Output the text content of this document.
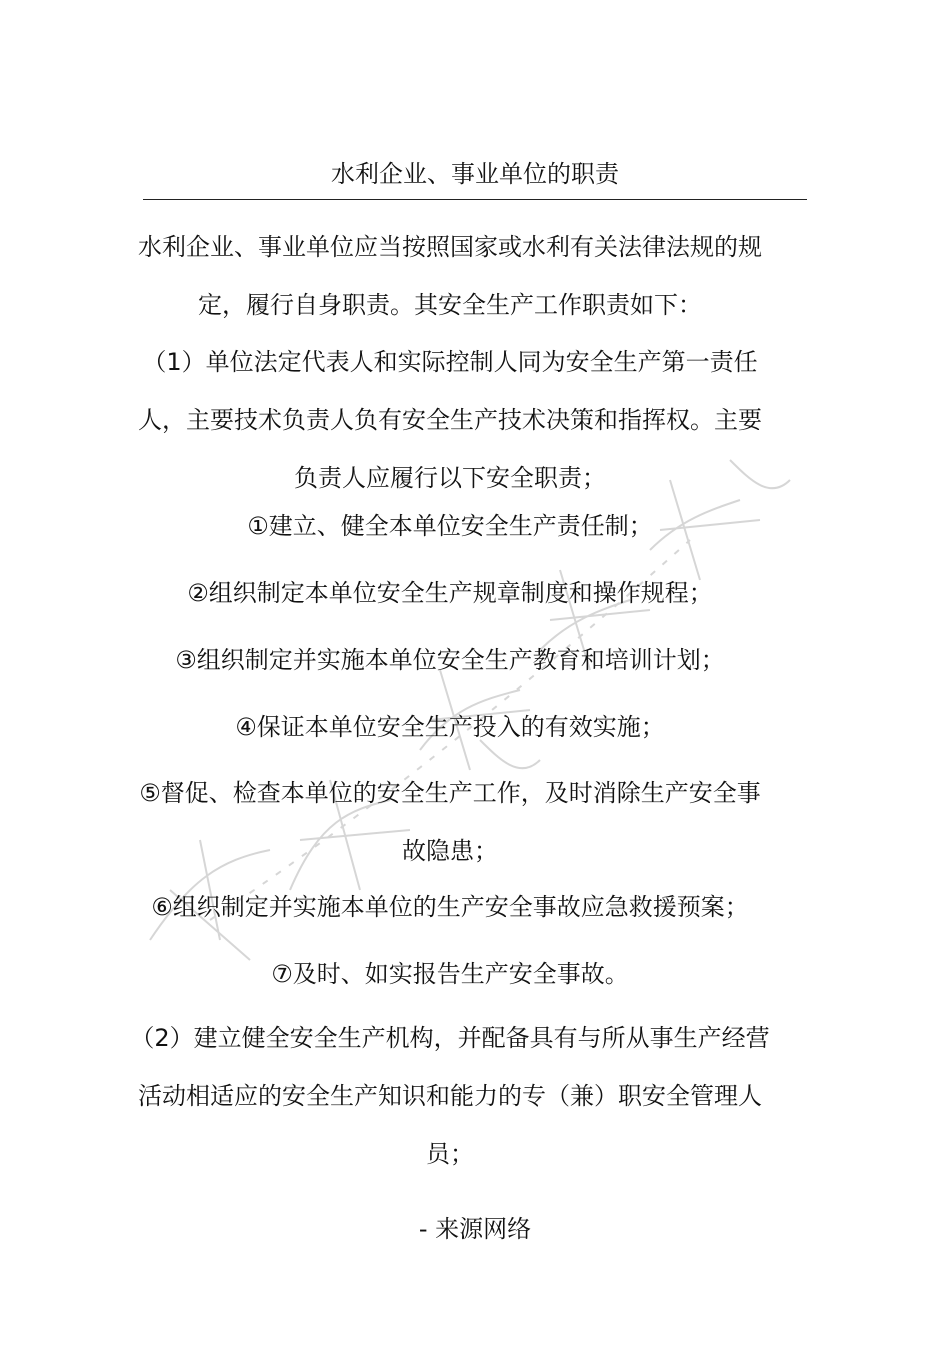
水利企业、事业单位的职责
水利企业、事业单位应当按照国家或水利有关法律法规的规定，履行自身职责。其安全生产工作职责如下：
（1）单位法定代表人和实际控制人同为安全生产第一责任人，主要技术负责人负有安全生产技术决策和指挥权。主要负责人应履行以下安全职责；
①建立、健全本单位安全生产责任制；
②组织制定本单位安全生产规章制度和操作规程；
③组织制定并实施本单位安全生产教育和培训计划；
④保证本单位安全生产投入的有效实施；
⑤督促、检查本单位的安全生产工作，及时消除生产安全事故隐患；
⑥组织制定并实施本单位的生产安全事故应急救援预案；
⑦及时、如实报告生产安全事故。
（2）建立健全安全生产机构，并配备具有与所从事生产经营活动相适应的安全生产知识和能力的专（兼）职安全管理人员；
- 来源网络
